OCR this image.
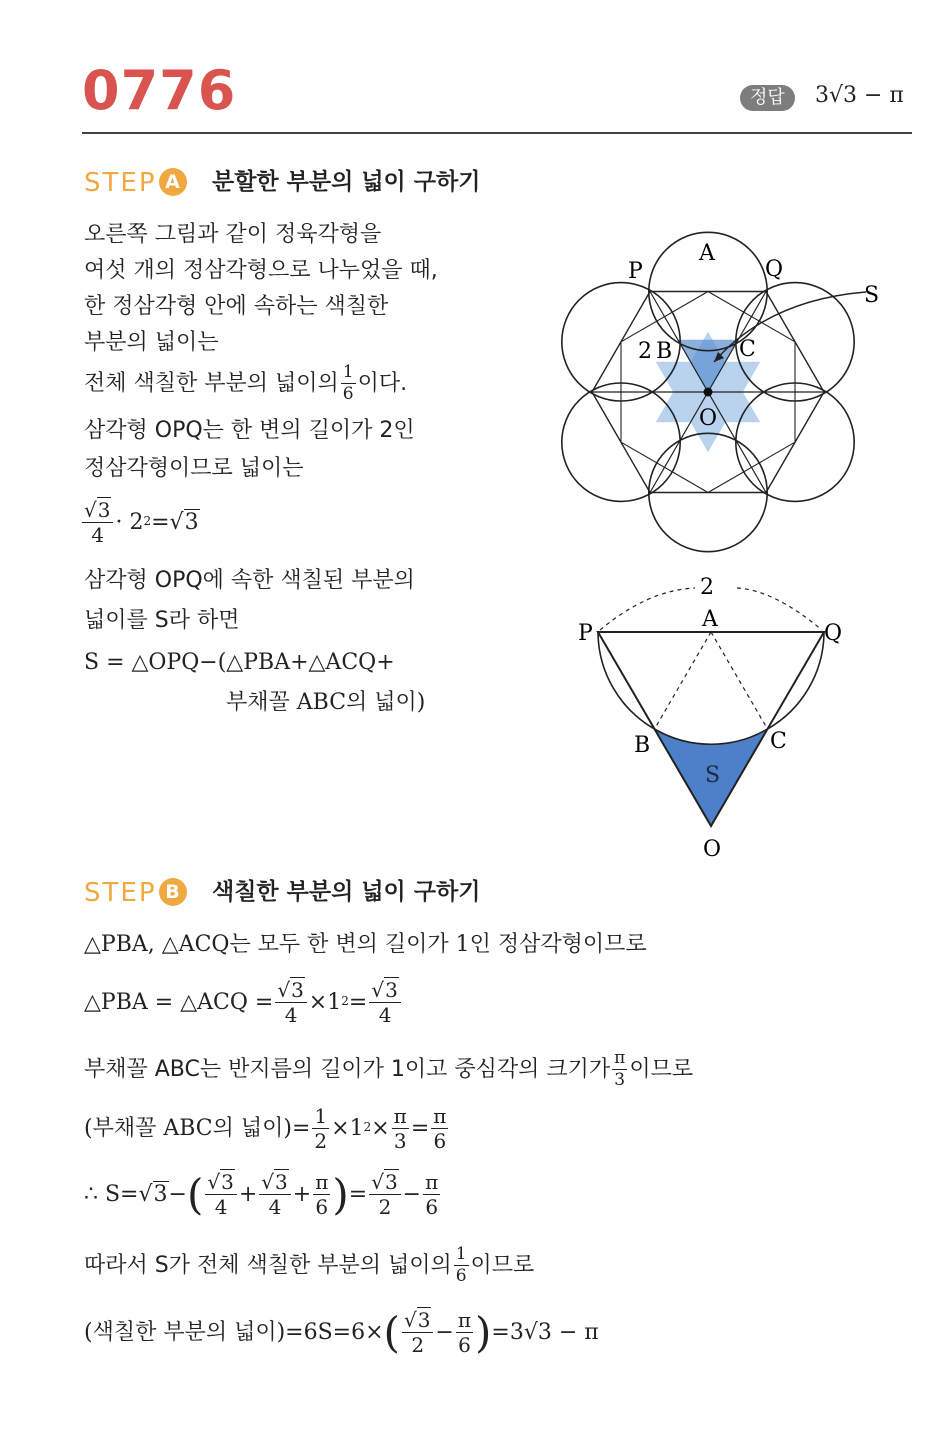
0776	정답	3√3 − π
STEP A 분할한 부분의 넓이 구하기
오른쪽 그림과 같이 정육각형을
여섯 개의 정삼각형으로 나누었을 때,
한 정삼각형 안에 속하는 색칠한
부분의 넓이는
전체 색칠한 부분의 넓이의 $\frac{1}{6}$ 이다.
삼각형 OPQ는 한 변의 길이가 2인
정삼각형이므로 넓이는
$\frac{√3}{4} \cdot 2^2 = √3$
삼각형 OPQ에 속한 색칠된 부분의
넓이를 S라 하면
S = △OPQ−(△PBA+△ACQ+
부채꼴 ABC의 넓이)
P
A
Q
S
2 B	C
O
P
A
Q
2
B	C
S
O
STEP B 색칠한 부분의 넓이 구하기
△PBA, △ACQ는 모두 한 변의 길이가 1인 정삼각형이므로
△PBA = △ACQ = $\frac{√3}{4} \times 1^2 = \frac{√3}{4}$
부채꼴 ABC는 반지름의 길이가 1이고 중심각의 크기가 $\frac{\pi}{3}$ 이므로
(부채꼴 ABC의 넓이)= $\frac{1}{2} \times 1^2 \times \frac{\pi}{3} = \frac{\pi}{6}$
∴ S= √3 − ( $\frac{√3}{4} + \frac{√3}{4} + \frac{\pi}{6}$ ) = $\frac{√3}{2} - \frac{\pi}{6}$
따라서 S가 전체 색칠한 부분의 넓이의 $\frac{1}{6}$ 이므로
(색칠한 부분의 넓이)=6S=6× ( $\frac{√3}{2} - \frac{\pi}{6}$ ) =3√3 − π
